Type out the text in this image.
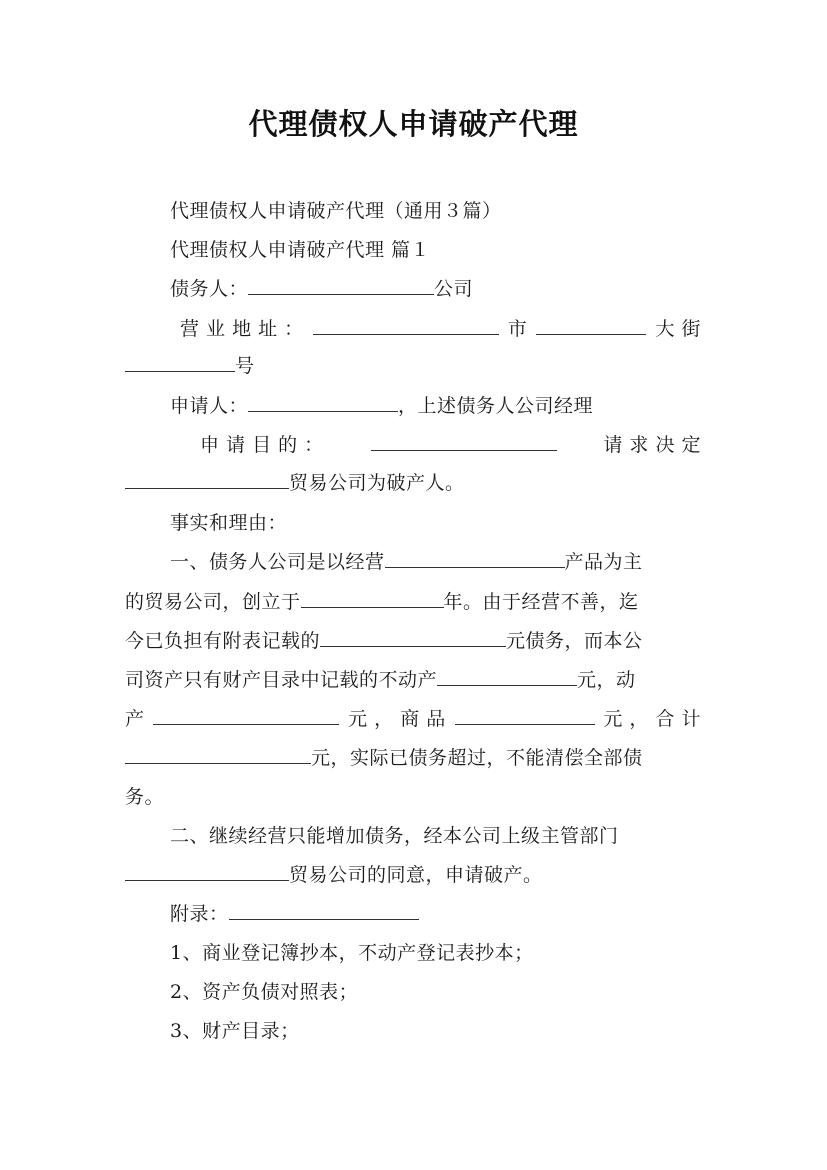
代理债权人申请破产代理
代理债权人申请破产代理（通用３篇）
代理债权人申请破产代理 篇１
债务人：	公司
营 业 地 址 ：	市	大 街
号
申请人：	，上述债务人公司经理
申 请 目 的 ：	请 求 决 定
贸易公司为破产人。
事实和理由：
一、债务人公司是以经营	产品为主
的贸易公司，创立于	年。由于经营不善，迄
今已负担有附表记载的	元债务，而本公
司资产只有财产目录中记载的不动产	元，动
产	元 ， 商 品	元 ， 合 计
元，实际已债务超过，不能清偿全部债
务。
二、继续经营只能增加债务，经本公司上级主管部门
贸易公司的同意，申请破产。
附录：
1、商业登记簿抄本，不动产登记表抄本；
2、资产负债对照表；
3、财产目录；
